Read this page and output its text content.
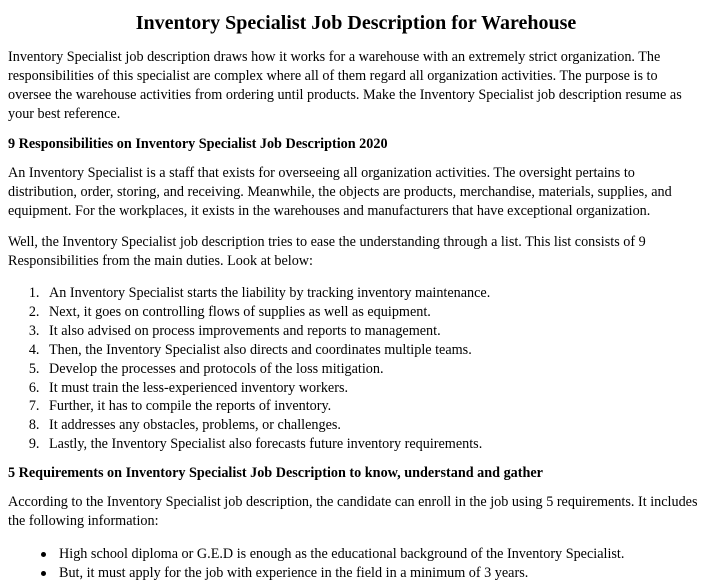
Inventory Specialist Job Description for Warehouse

Inventory Specialist job description draws how it works for a warehouse with an extremely strict organization. The responsibilities of this specialist are complex where all of them regard all organization activities. The purpose is to oversee the warehouse activities from ordering until products. Make the Inventory Specialist job description resume as your best reference.

9 Responsibilities on Inventory Specialist Job Description 2020

An Inventory Specialist is a staff that exists for overseeing all organization activities. The oversight pertains to distribution, order, storing, and receiving. Meanwhile, the objects are products, merchandise, materials, supplies, and equipment. For the workplaces, it exists in the warehouses and manufacturers that have exceptional organization.

Well, the Inventory Specialist job description tries to ease the understanding through a list. This list consists of 9 Responsibilities from the main duties. Look at below:

1. An Inventory Specialist starts the liability by tracking inventory maintenance.
2. Next, it goes on controlling flows of supplies as well as equipment.
3. It also advised on process improvements and reports to management.
4. Then, the Inventory Specialist also directs and coordinates multiple teams.
5. Develop the processes and protocols of the loss mitigation.
6. It must train the less-experienced inventory workers.
7. Further, it has to compile the reports of inventory.
8. It addresses any obstacles, problems, or challenges.
9. Lastly, the Inventory Specialist also forecasts future inventory requirements.
5 Requirements on Inventory Specialist Job Description to know, understand and gather

According to the Inventory Specialist job description, the candidate can enroll in the job using 5 requirements. It includes the following information:

High school diploma or G.E.D is enough as the educational background of the Inventory Specialist.
But, it must apply for the job with experience in the field in a minimum of 3 years.
